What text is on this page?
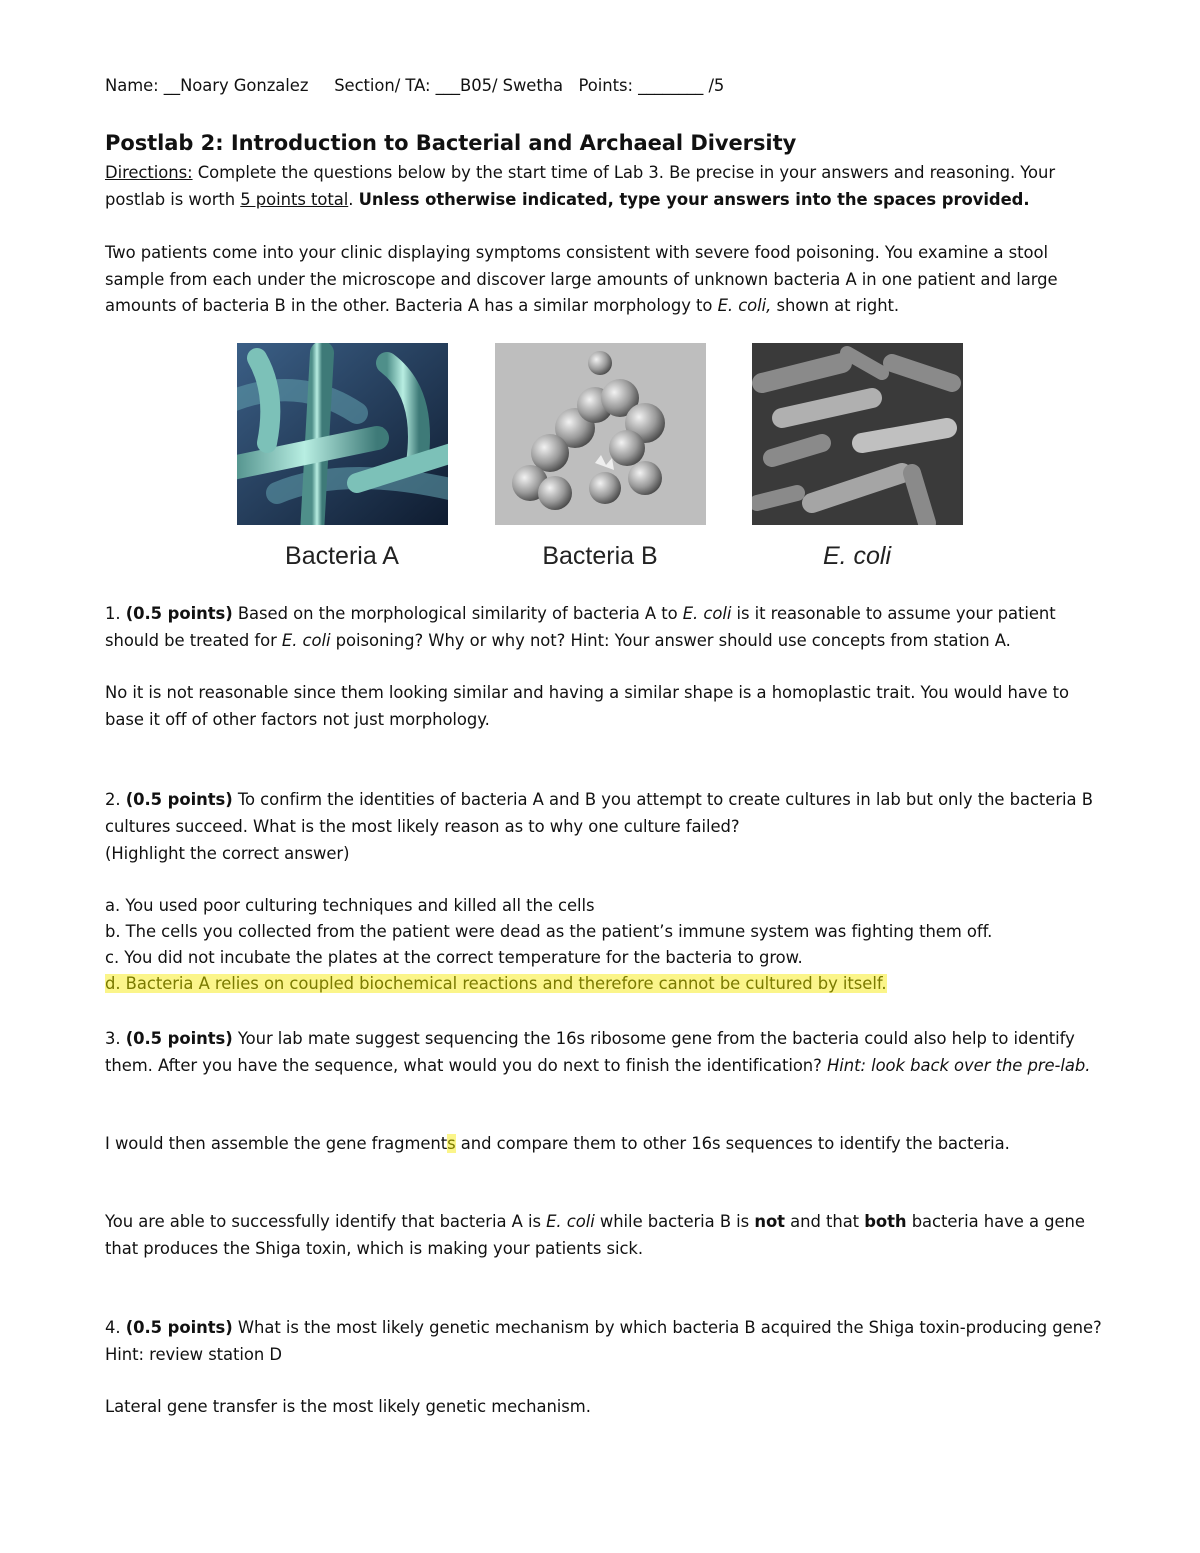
Name: __Noary Gonzalez Section/ TA: ___B05/ Swetha Points: ________ /5
Postlab 2: Introduction to Bacterial and Archaeal Diversity
Directions: Complete the questions below by the start time of Lab 3. Be precise in your answers and reasoning. Your postlab is worth 5 points total. Unless otherwise indicated, type your answers into the spaces provided.
Two patients come into your clinic displaying symptoms consistent with severe food poisoning. You examine a stool sample from each under the microscope and discover large amounts of unknown bacteria A in one patient and large amounts of bacteria B in the other. Bacteria A has a similar morphology to E. coli, shown at right.
Bacteria A	Bacteria B	E. coli
1. (0.5 points) Based on the morphological similarity of bacteria A to E. coli is it reasonable to assume your patient should be treated for E. coli poisoning? Why or why not? Hint: Your answer should use concepts from station A.
No it is not reasonable since them looking similar and having a similar shape is a homoplastic trait. You would have to base it off of other factors not just morphology.
2. (0.5 points) To confirm the identities of bacteria A and B you attempt to create cultures in lab but only the bacteria B cultures succeed. What is the most likely reason as to why one culture failed?
(Highlight the correct answer)
a. You used poor culturing techniques and killed all the cells
b. The cells you collected from the patient were dead as the patient’s immune system was fighting them off.
c. You did not incubate the plates at the correct temperature for the bacteria to grow.
d. Bacteria A relies on coupled biochemical reactions and therefore cannot be cultured by itself.
3. (0.5 points) Your lab mate suggest sequencing the 16s ribosome gene from the bacteria could also help to identify them. After you have the sequence, what would you do next to finish the identification? Hint: look back over the pre-lab.
I would then assemble the gene fragments and compare them to other 16s sequences to identify the bacteria.
You are able to successfully identify that bacteria A is E. coli while bacteria B is not and that both bacteria have a gene that produces the Shiga toxin, which is making your patients sick.
4. (0.5 points) What is the most likely genetic mechanism by which bacteria B acquired the Shiga toxin-producing gene? Hint: review station D
Lateral gene transfer is the most likely genetic mechanism.
